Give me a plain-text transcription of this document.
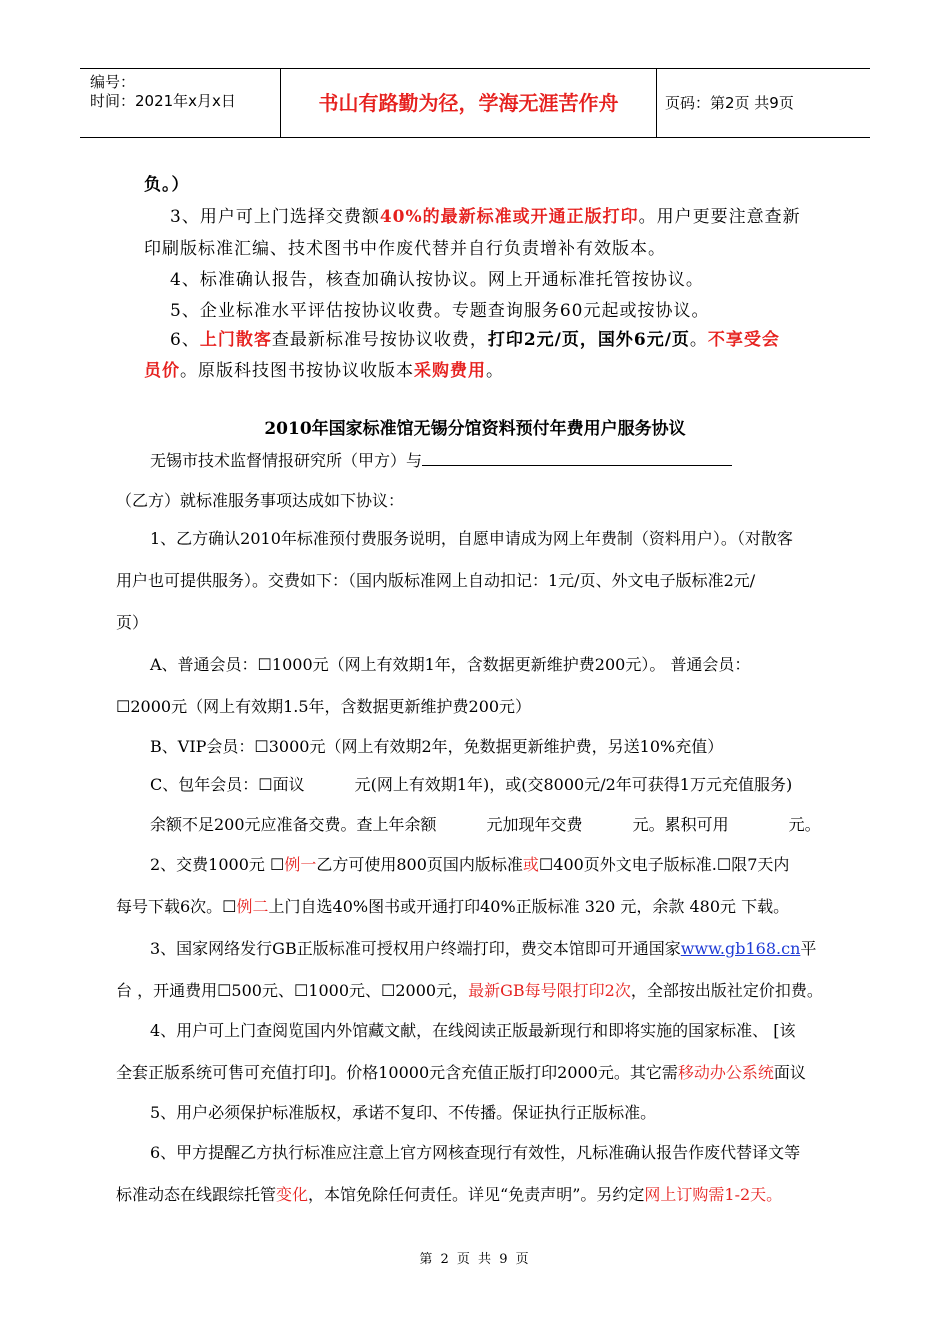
编号：
时间：2021年x月x日	书山有路勤为径，学海无涯苦作舟	页码：第2页 共9页
负。）
3、用户可上门选择交费额40%的最新标准或开通正版打印。用户更要注意查新
印刷版标准汇编、技术图书中作废代替并自行负责增补有效版本。
4、标准确认报告，核查加确认按协议。网上开通标准托管按协议。
5、企业标准水平评估按协议收费。专题查询服务60元起或按协议。
6、上门散客查最新标准号按协议收费，打印2元/页，国外6元/页。不享受会
员价。原版科技图书按协议收版本采购费用。
2010年国家标准馆无锡分馆资料预付年费用户服务协议
无锡市技术监督情报研究所（甲方）与
（乙方）就标准服务事项达成如下协议：
1、乙方确认2010年标准预付费服务说明，自愿申请成为网上年费制（资料用户）。（对散客
用户也可提供服务）。交费如下：（国内版标准网上自动扣记：1元/页、外文电子版标准2元/
页）
A、普通会员：☐1000元（网上有效期1年，含数据更新维护费200元）。 普通会员：
☐2000元（网上有效期1.5年，含数据更新维护费200元）
B、VIP会员：☐3000元（网上有效期2年，免数据更新维护费，另送10%充值）
C、包年会员：☐面议	元(网上有效期1年)，或(交8000元/2年可获得1万元充值服务)
余额不足200元应准备交费。查上年余额	元加现年交费	元。累积可用	元。
2、交费1000元 ☐例一乙方可使用800页国内版标准或☐400页外文电子版标准.☐限7天内
每号下载6次。☐例二上门自选40%图书或开通打印40%正版标准 320 元，余款 480元 下载。
3、国家网络发行GB正版标准可授权用户终端打印，费交本馆即可开通国家www.gb168.cn平
台 ，开通费用☐500元、☐1000元、☐2000元，最新GB每号限打印2次，全部按出版社定价扣费。
4、用户可上门查阅览国内外馆藏文献，在线阅读正版最新现行和即将实施的国家标准、 [该
全套正版系统可售可充值打印]。价格10000元含充值正版打印2000元。其它需移动办公系统面议
5、用户必须保护标准版权，承诺不复印、不传播。保证执行正版标准。
6、甲方提醒乙方执行标准应注意上官方网核查现行有效性，凡标准确认报告作废代替译文等
标准动态在线跟综托管变化，本馆免除任何责任。详见“免责声明”。另约定网上订购需1-2天。
第 2 页 共 9 页
